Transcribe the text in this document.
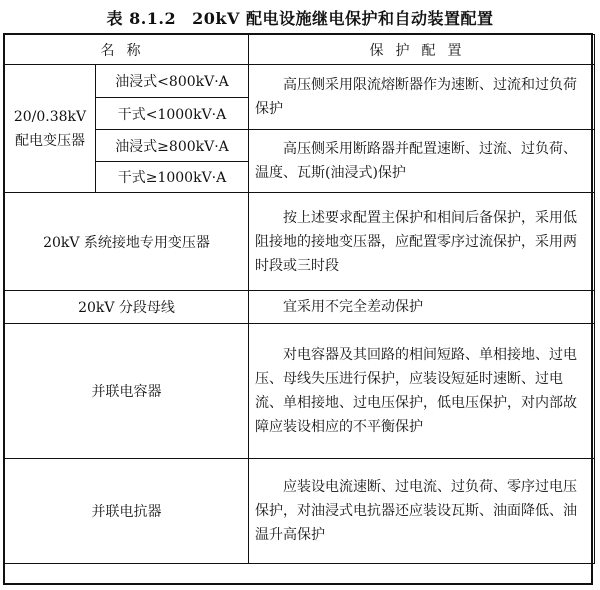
表 8.1.2 20kV 配电设施继电保护和自动装置配置
名称		保护配置
20/0.38kV 配电变压器	油浸式<800kV·A	高压侧采用限流熔断器作为速断、过流和过负荷保护

	干式<1000kV·A	
	油浸式≥800kV·A	高压侧采用断路器并配置速断、过流、过负荷、温度、瓦斯(油浸式)保护

	干式≥1000kV·A	
20kV 系统接地专用变压器		按上述要求配置主保护和相间后备保护，采用低阻接地的接地变压器，应配置零序过流保护，采用两时段或三时段

20kV 分段母线		宜采用不完全差动保护

并联电容器		对电容器及其回路的相间短路、单相接地、过电压、母线失压进行保护，应装设短延时速断、过电流、单相接地、过电压保护，低电压保护，对内部故障应装设相应的不平衡保护

并联电抗器		应装设电流速断、过电流、过负荷、零序过电压保护，对油浸式电抗器还应装设瓦斯、油面降低、油温升高保护
